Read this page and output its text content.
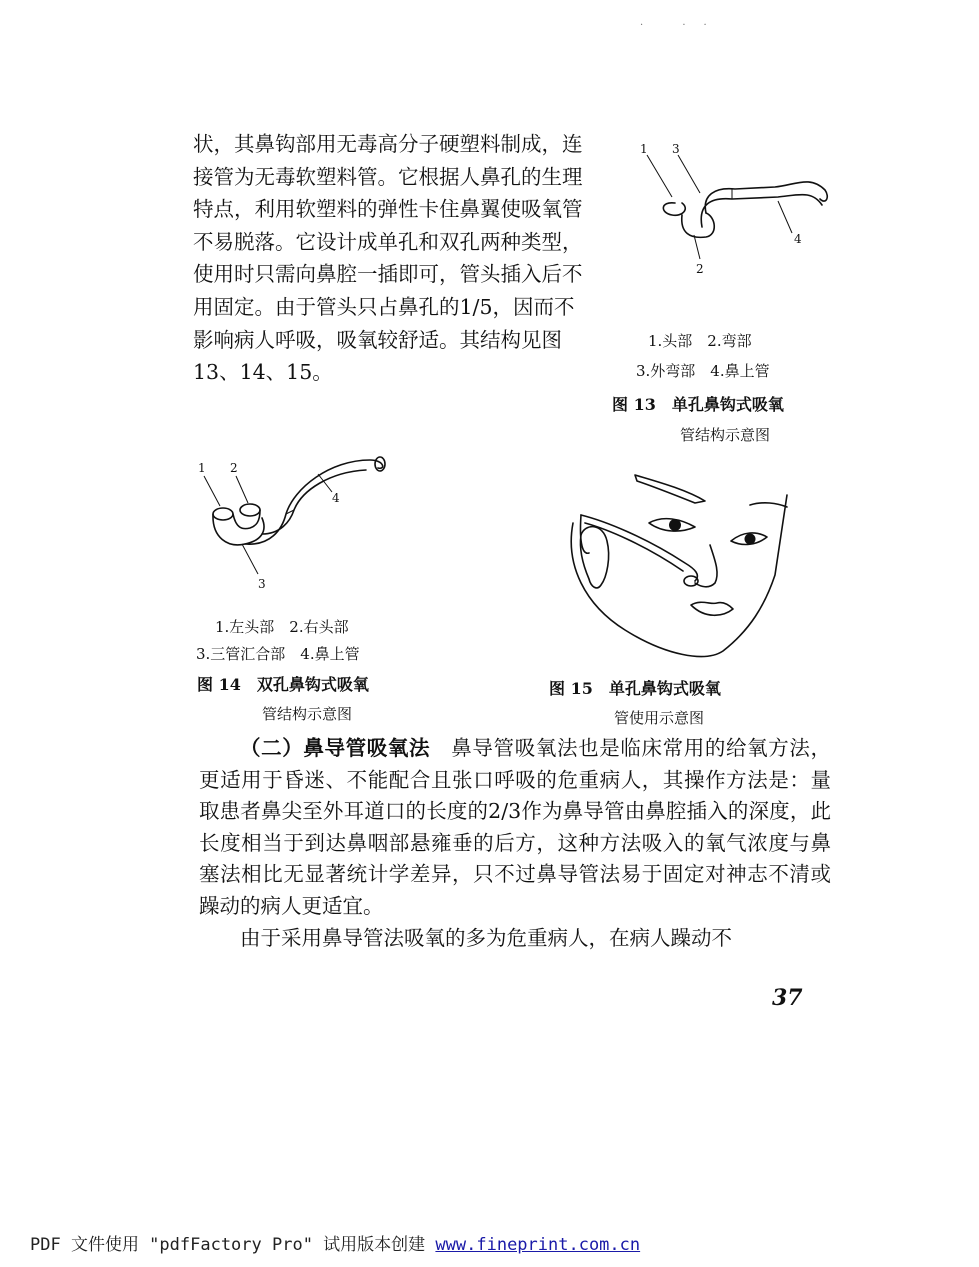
· ··

状，其鼻钩部用无毒高分子硬塑料制成，连接管为无毒软塑料管。它根据人鼻孔的生理特点，利用软塑料的弹性卡住鼻翼使吸氧管不易脱落。它设计成单孔和双孔两种类型，使用时只需向鼻腔一插即可，管头插入后不用固定。由于管头只占鼻孔的1/5，因而不影响病人呼吸，吸氧较舒适。其结构见图13、14、15。

1 3
2
4
1.头部　2.弯部
3.外弯部　4.鼻上管
图 13　单孔鼻钩式吸氧
管结构示意图
1 2
4
3
1.左头部　2.右头部
3.三管汇合部　4.鼻上管
图 14　双孔鼻钩式吸氧
管结构示意图
图 15　单孔鼻钩式吸氧
管使用示意图

（二）鼻导管吸氧法　鼻导管吸氧法也是临床常用的给氧方法，更适用于昏迷、不能配合且张口呼吸的危重病人，其操作方法是：量取患者鼻尖至外耳道口的长度的2/3作为鼻导管由鼻腔插入的深度，此长度相当于到达鼻咽部悬雍垂的后方，这种方法吸入的氧气浓度与鼻塞法相比无显著统计学差异，只不过鼻导管法易于固定对神志不清或躁动的病人更适宜。

由于采用鼻导管法吸氧的多为危重病人，在病人躁动不

37
PDF 文件使用 "pdfFactory Pro" 试用版本创建 www.fineprint.com.cn
